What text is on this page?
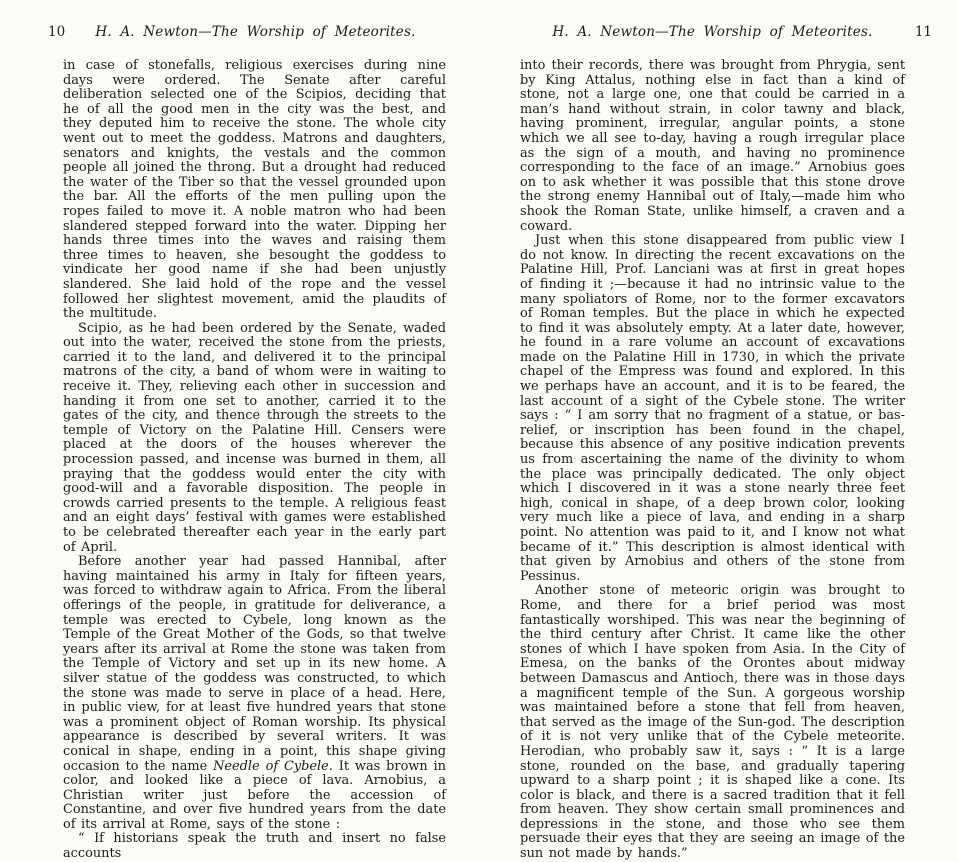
10	H. A. Newton—The Worship of Meteorites.

in case of stonefalls, religious exercises during nine days were ordered. The Senate after careful deliberation selected one of the Scipios, deciding that he of all the good men in the city was the best, and they deputed him to receive the stone. The whole city went out to meet the goddess. Matrons and daughters, senators and knights, the vestals and the common people all joined the throng. But a drought had reduced the water of the Tiber so that the vessel grounded upon the bar. All the efforts of the men pulling upon the ropes failed to move it. A noble matron who had been slandered stepped forward into the water. Dipping her hands three times into the waves and raising them three times to heaven, she besought the goddess to vindicate her good name if she had been unjustly slandered. She laid hold of the rope and the vessel followed her slightest movement, amid the plaudits of the multitude.

Scipio, as he had been ordered by the Senate, waded out into the water, received the stone from the priests, carried it to the land, and delivered it to the principal matrons of the city, a band of whom were in waiting to receive it. They, relieving each other in succession and handing it from one set to another, carried it to the gates of the city, and thence through the streets to the temple of Victory on the Palatine Hill. Censers were placed at the doors of the houses wherever the procession passed, and incense was burned in them, all praying that the goddess would enter the city with good-will and a favorable disposition. The people in crowds carried presents to the temple. A religious feast and an eight days’ festival with games were established to be celebrated thereafter each year in the early part of April.

Before another year had passed Hannibal, after having maintained his army in Italy for fifteen years, was forced to withdraw again to Africa. From the liberal offerings of the people, in gratitude for deliverance, a temple was erected to Cybele, long known as the Temple of the Great Mother of the Gods, so that twelve years after its arrival at Rome the stone was taken from the Temple of Victory and set up in its new home. A silver statue of the goddess was constructed, to which the stone was made to serve in place of a head. Here, in public view, for at least five hundred years that stone was a prominent object of Roman worship. Its physical appearance is described by several writers. It was conical in shape, ending in a point, this shape giving occasion to the name Needle of Cybele. It was brown in color, and looked like a piece of lava. Arnobius, a Christian writer just before the accession of Constantine, and over five hundred years from the date of its arrival at Rome, says of the stone :

“ If historians speak the truth and insert no false accounts

H. A. Newton—The Worship of Meteorites.	11

into their records, there was brought from Phrygia, sent by King Attalus, nothing else in fact than a kind of stone, not a large one, one that could be carried in a man’s hand without strain, in color tawny and black, having prominent, irregular, angular points, a stone which we all see to-day, having a rough irregular place as the sign of a mouth, and having no prominence corresponding to the face of an image.” Arnobius goes on to ask whether it was possible that this stone drove the strong enemy Hannibal out of Italy,—made him who shook the Roman State, unlike himself, a craven and a coward.

Just when this stone disappeared from public view I do not know. In directing the recent excavations on the Palatine Hill, Prof. Lanciani was at first in great hopes of finding it ;—because it had no intrinsic value to the many spoliators of Rome, nor to the former excavators of Roman temples. But the place in which he expected to find it was absolutely empty. At a later date, however, he found in a rare volume an account of excavations made on the Palatine Hill in 1730, in which the private chapel of the Empress was found and explored. In this we perhaps have an account, and it is to be feared, the last account of a sight of the Cybele stone. The writer says : “ I am sorry that no fragment of a statue, or bas-relief, or inscription has been found in the chapel, because this absence of any positive indication prevents us from ascertaining the name of the divinity to whom the place was principally dedicated. The only object which I discovered in it was a stone nearly three feet high, conical in shape, of a deep brown color, looking very much like a piece of lava, and ending in a sharp point. No attention was paid to it, and I know not what became of it.” This description is almost identical with that given by Arnobius and others of the stone from Pessinus.

Another stone of meteoric origin was brought to Rome, and there for a brief period was most fantastically worshiped. This was near the beginning of the third century after Christ. It came like the other stones of which I have spoken from Asia. In the City of Emesa, on the banks of the Orontes about midway between Damascus and Antioch, there was in those days a magnificent temple of the Sun. A gorgeous worship was maintained before a stone that fell from heaven, that served as the image of the Sun-god. The description of it is not very unlike that of the Cybele meteorite. Herodian, who probably saw it, says : “ It is a large stone, rounded on the base, and gradually tapering upward to a sharp point ; it is shaped like a cone. Its color is black, and there is a sacred tradition that it fell from heaven. They show certain small prominences and depressions in the stone, and those who see them persuade their eyes that they are seeing an image of the sun not made by hands.”
